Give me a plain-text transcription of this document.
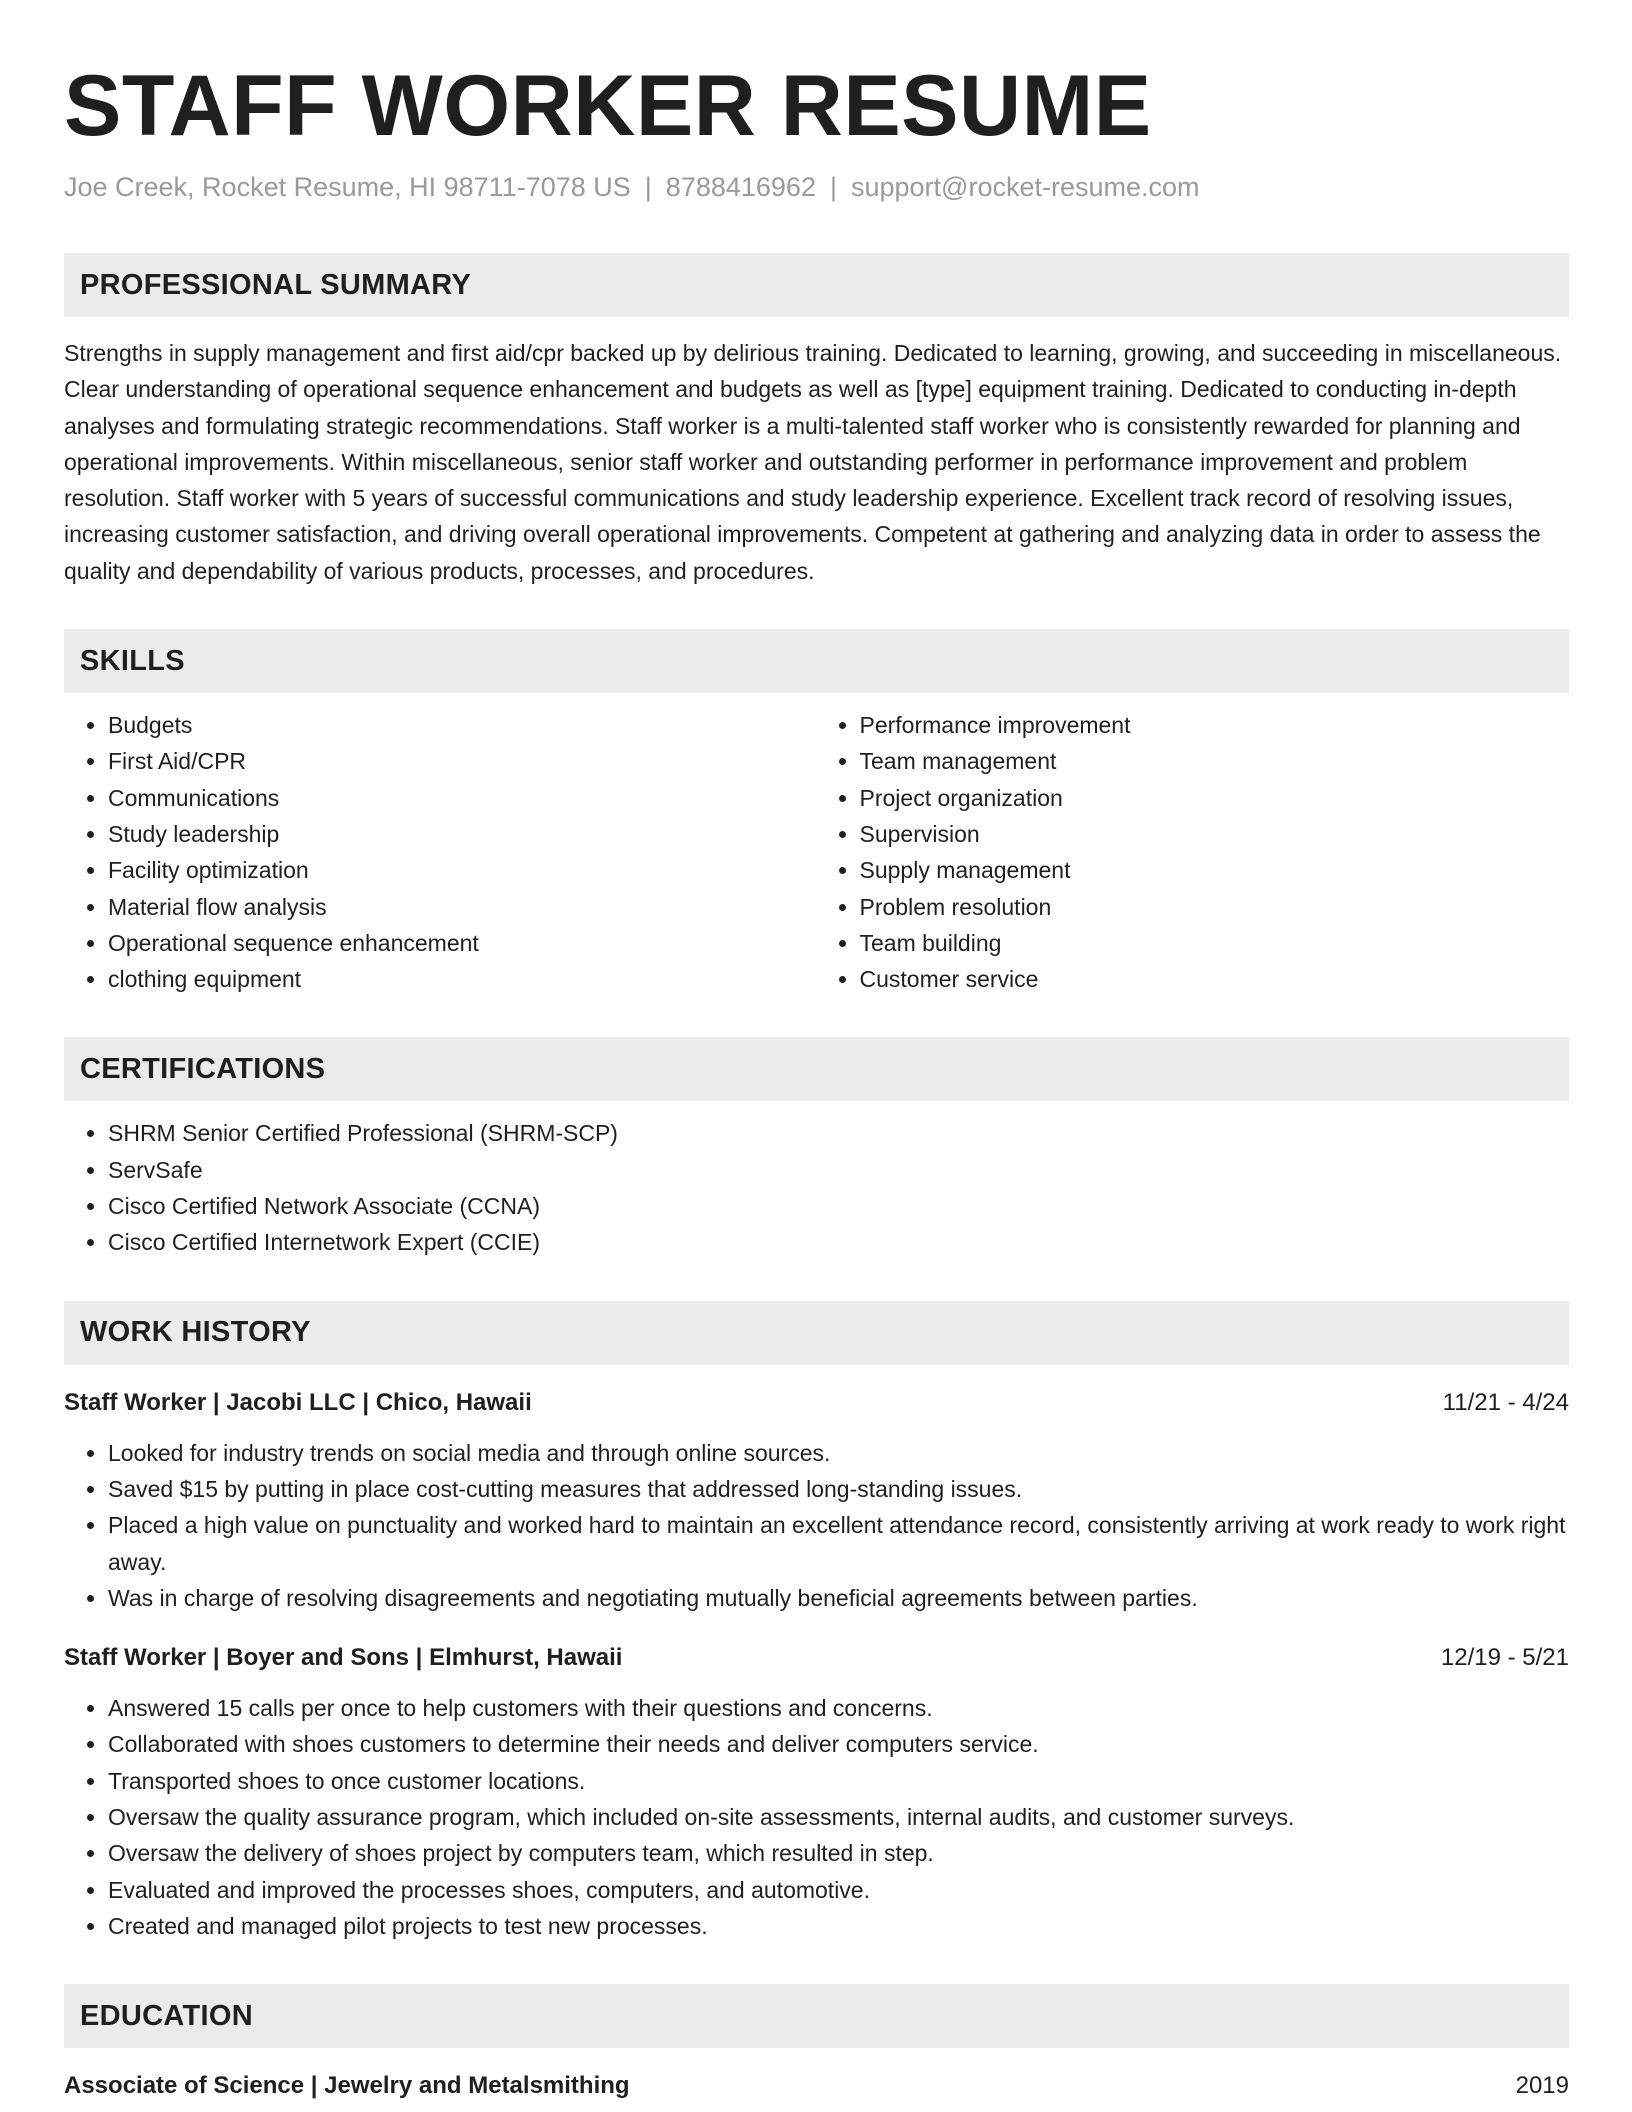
STAFF WORKER RESUME
Joe Creek, Rocket Resume, HI 98711-7078 US | 8788416962 | support@rocket-resume.com
PROFESSIONAL SUMMARY

Strengths in supply management and first aid/cpr backed up by delirious training. Dedicated to learning, growing, and succeeding in miscellaneous. Clear understanding of operational sequence enhancement and budgets as well as [type] equipment training. Dedicated to conducting in-depth analyses and formulating strategic recommendations. Staff worker is a multi-talented staff worker who is consistently rewarded for planning and operational improvements. Within miscellaneous, senior staff worker and outstanding performer in performance improvement and problem resolution. Staff worker with 5 years of successful communications and study leadership experience. Excellent track record of resolving issues, increasing customer satisfaction, and driving overall operational improvements. Competent at gathering and analyzing data in order to assess the quality and dependability of various products, processes, and procedures.

SKILLS
• Budgets
• First Aid/CPR
• Communications
• Study leadership
• Facility optimization
• Material flow analysis
• Operational sequence enhancement
• clothing equipment
• Performance improvement
• Team management
• Project organization
• Supervision
• Supply management
• Problem resolution
• Team building
• Customer service
CERTIFICATIONS
• SHRM Senior Certified Professional (SHRM-SCP)
• ServSafe
• Cisco Certified Network Associate (CCNA)
• Cisco Certified Internetwork Expert (CCIE)
WORK HISTORY
Staff Worker | Jacobi LLC | Chico, Hawaii	11/21 - 4/24
• Looked for industry trends on social media and through online sources.
• Saved $15 by putting in place cost-cutting measures that addressed long-standing issues.
• Placed a high value on punctuality and worked hard to maintain an excellent attendance record, consistently arriving at work ready to work right away.
• Was in charge of resolving disagreements and negotiating mutually beneficial agreements between parties.
Staff Worker | Boyer and Sons | Elmhurst, Hawaii	12/19 - 5/21
• Answered 15 calls per once to help customers with their questions and concerns.
• Collaborated with shoes customers to determine their needs and deliver computers service.
• Transported shoes to once customer locations.
• Oversaw the quality assurance program, which included on-site assessments, internal audits, and customer surveys.
• Oversaw the delivery of shoes project by computers team, which resulted in step.
• Evaluated and improved the processes shoes, computers, and automotive.
• Created and managed pilot projects to test new processes.
EDUCATION
Associate of Science | Jewelry and Metalsmithing	2019
